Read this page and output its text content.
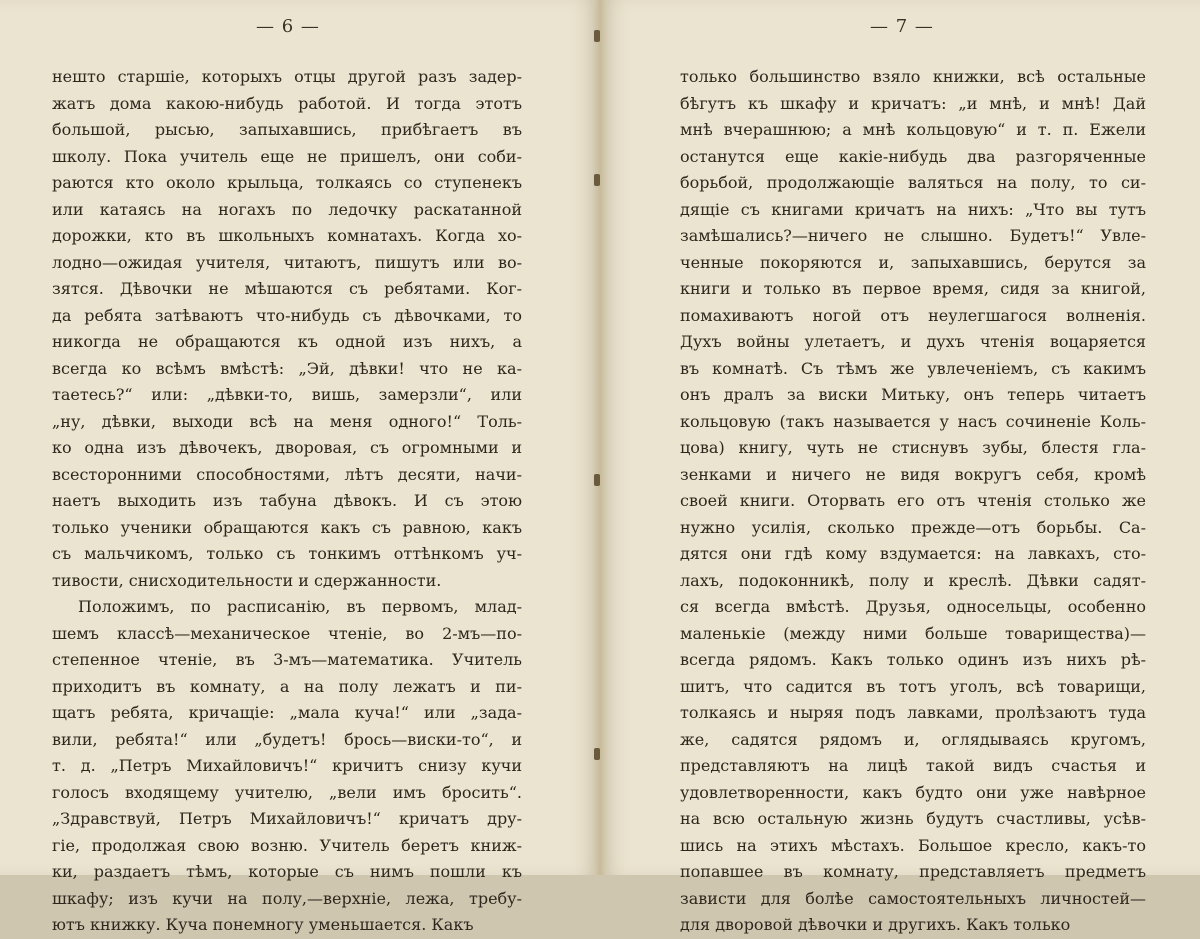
— 6 —
нешто старшіе, которыхъ отцы другой разъ задер-
жатъ дома какою-нибудь работой. И тогда этотъ
большой, рысью, запыхавшись, прибѣгаетъ въ
школу. Пока учитель еще не пришелъ, они соби-
раются кто около крыльца, толкаясь со ступенекъ
или катаясь на ногахъ по ледочку раскатанной
дорожки, кто въ школьныхъ комнатахъ. Когда хо-
лодно—ожидая учителя, читаютъ, пишутъ или во-
зятся. Дѣвочки не мѣшаются съ ребятами. Ког-
да ребята затѣваютъ что-нибудь съ дѣвочками, то
никогда не обращаются къ одной изъ нихъ, а
всегда ко всѣмъ вмѣстѣ: „Эй, дѣвки! что не ка-
таетесь?“ или: „дѣвки-то, вишь, замерзли“, или
„ну, дѣвки, выходи всѣ на меня одного!“ Толь-
ко одна изъ дѣвочекъ, дворовая, съ огромными и
всесторонними способностями, лѣтъ десяти, начи-
наетъ выходить изъ табуна дѣвокъ. И съ этою
только ученики обращаются какъ съ равною, какъ
съ мальчикомъ, только съ тонкимъ оттѣнкомъ уч-
тивости, снисходительности и сдержанности.
Положимъ, по расписанію, въ первомъ, млад-
шемъ классѣ—механическое чтеніе, во 2-мъ—по-
степенное чтеніе, въ 3-мъ—математика. Учитель
приходитъ въ комнату, а на полу лежатъ и пи-
щатъ ребята, кричащіе: „мала куча!“ или „зада-
вили, ребята!“ или „будетъ! брось—виски-то“, и
т. д. „Петръ Михайловичъ!“ кричитъ снизу кучи
голосъ входящему учителю, „вели имъ бросить“.
„Здравствуй, Петръ Михайловичъ!“ кричатъ дру-
гіе, продолжая свою возню. Учитель беретъ книж-
ки, раздаетъ тѣмъ, которые съ нимъ пошли къ
шкафу; изъ кучи на полу,—верхніе, лежа, требу-
ютъ книжку. Куча понемногу уменьшается. Какъ
— 7 —
только большинство взяло книжки, всѣ остальные
бѣгутъ къ шкафу и кричатъ: „и мнѣ, и мнѣ! Дай
мнѣ вчерашнюю; а мнѣ кольцовую“ и т. п. Ежели
останутся еще какіе-нибудь два разгоряченные
борьбой, продолжающіе валяться на полу, то си-
дящіе съ книгами кричатъ на нихъ: „Что вы тутъ
замѣшались?—ничего не слышно. Будетъ!“ Увле-
ченные покоряются и, запыхавшись, берутся за
книги и только въ первое время, сидя за книгой,
помахиваютъ ногой отъ неулегшагося волненія.
Духъ войны улетаетъ, и духъ чтенія воцаряется
въ комнатѣ. Съ тѣмъ же увлеченіемъ, съ какимъ
онъ дралъ за виски Митьку, онъ теперь читаетъ
кольцовую (такъ называется у насъ сочиненіе Коль-
цова) книгу, чуть не стиснувъ зубы, блестя гла-
зенками и ничего не видя вокругъ себя, кромѣ
своей книги. Оторвать его отъ чтенія столько же
нужно усилія, сколько прежде—отъ борьбы. Са-
дятся они гдѣ кому вздумается: на лавкахъ, сто-
лахъ, подоконникѣ, полу и креслѣ. Дѣвки садят-
ся всегда вмѣстѣ. Друзья, односельцы, особенно
маленькіе (между ними больше товарищества)—
всегда рядомъ. Какъ только одинъ изъ нихъ рѣ-
шитъ, что садится въ тотъ уголъ, всѣ товарищи,
толкаясь и ныряя подъ лавками, пролѣзаютъ туда
же, садятся рядомъ и, оглядываясь кругомъ,
представляютъ на лицѣ такой видъ счастья и
удовлетворенности, какъ будто они уже навѣрное
на всю остальную жизнь будутъ счастливы, усѣв-
шись на этихъ мѣстахъ. Большое кресло, какъ-то
попавшее въ комнату, представляетъ предметъ
зависти для болѣе самостоятельныхъ личностей—
для дворовой дѣвочки и другихъ. Какъ только
